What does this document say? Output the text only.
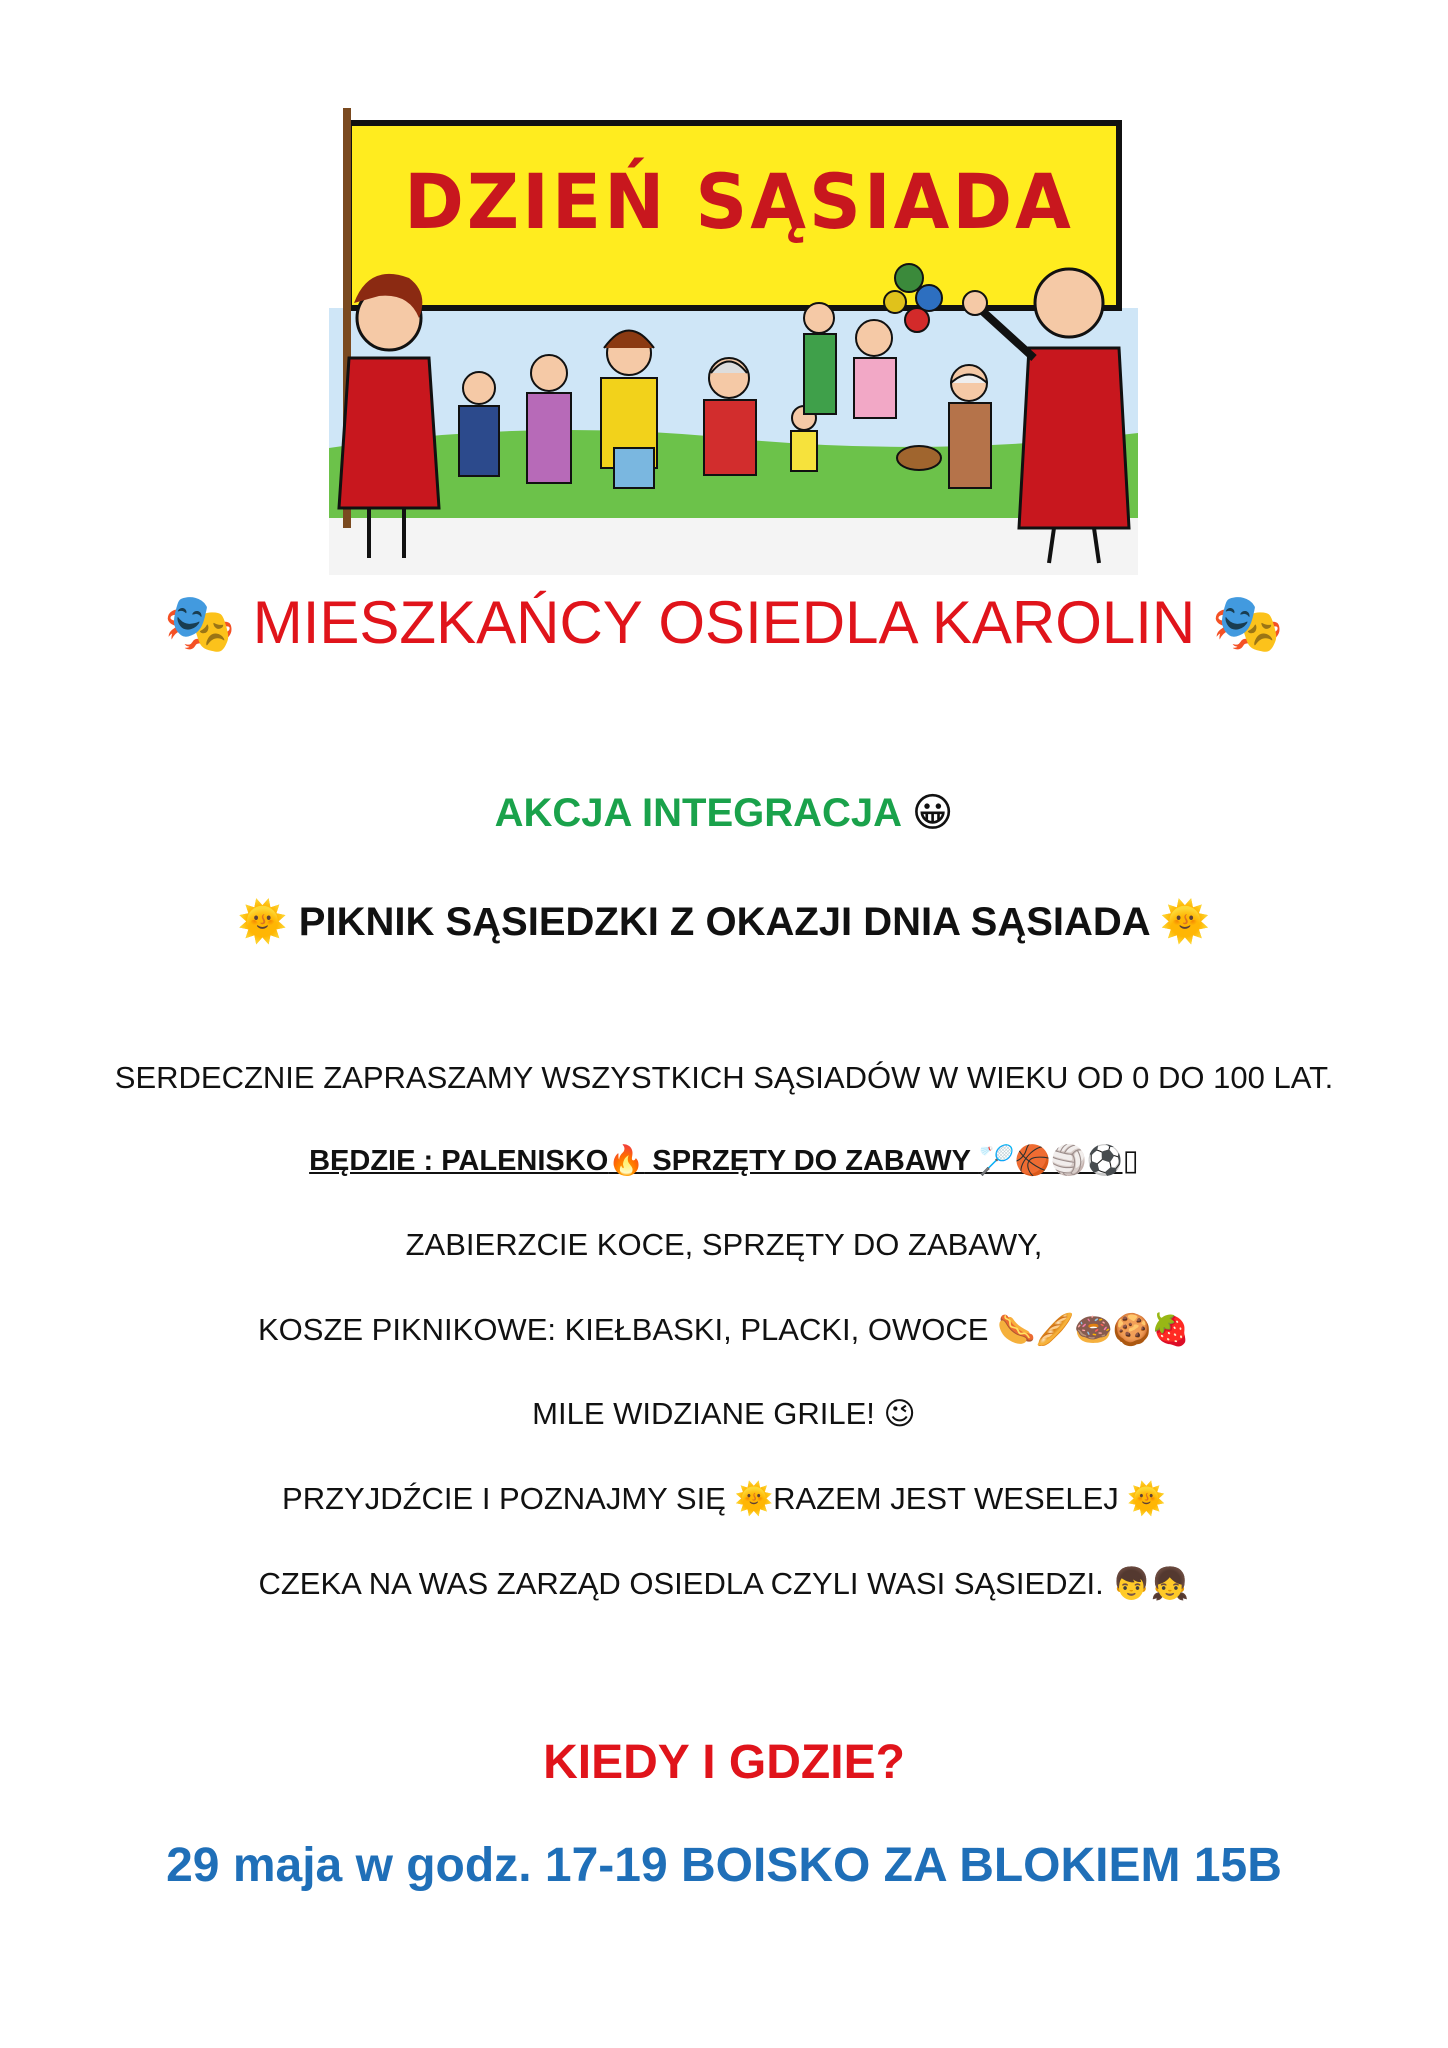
DZIEŃ SĄSIADA
🎭 MIESZKAŃCY OSIEDLA KAROLIN 🎭
AKCJA INTEGRACJA 😀
🌞 PIKNIK SĄSIEDZKI Z OKAZJI DNIA SĄSIADA 🌞
SERDECZNIE ZAPRASZAMY WSZYSTKICH SĄSIADÓW W WIEKU OD 0 DO 100 LAT.
BĘDZIE : PALENISKO🔥 SPRZĘTY DO ZABAWY 🏸🏀🏐⚽▯
ZABIERZCIE KOCE, SPRZĘTY DO ZABAWY,
KOSZE PIKNIKOWE: KIEŁBASKI, PLACKI, OWOCE 🌭🥖🍩🍪🍓
MILE WIDZIANE GRILE! 😉
PRZYJDŹCIE I POZNAJMY SIĘ 🌞RAZEM JEST WESELEJ 🌞
CZEKA NA WAS ZARZĄD OSIEDLA CZYLI WASI SĄSIEDZI. 👦👧
KIEDY I GDZIE?
29 maja w godz. 17-19 BOISKO ZA BLOKIEM 15B
